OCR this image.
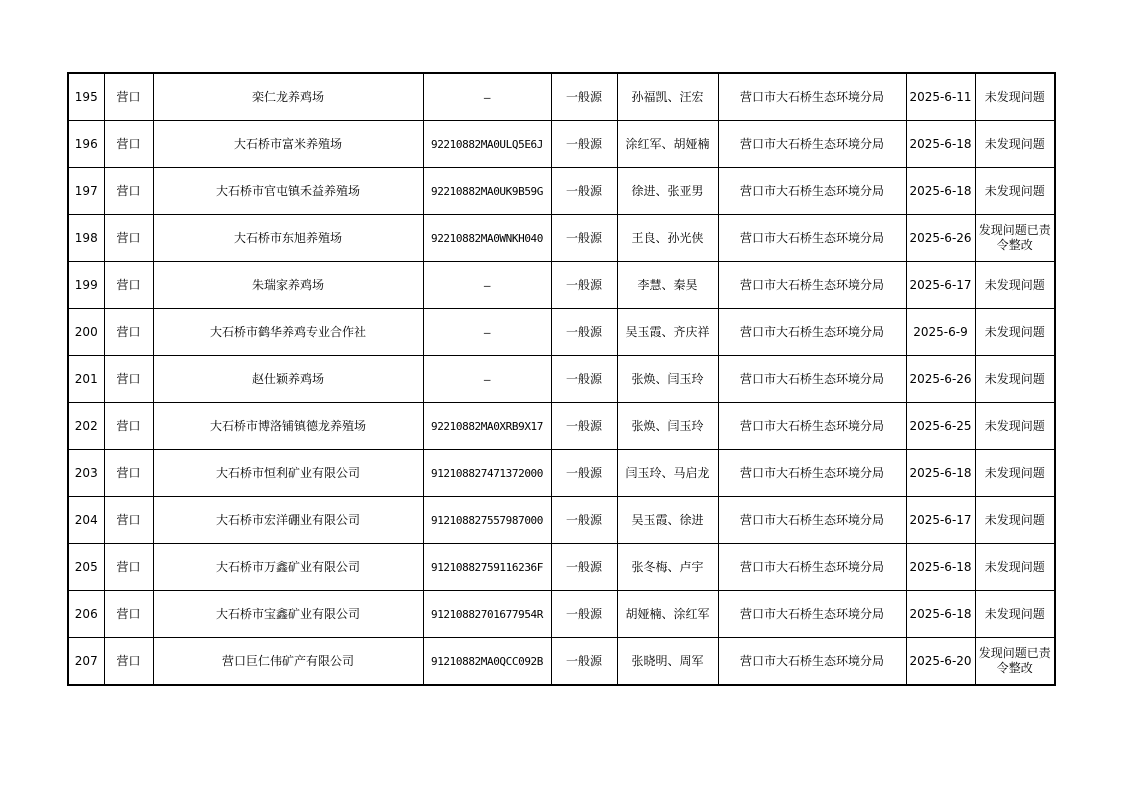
195	营口	栾仁龙养鸡场	—	一般源	孙福凯、汪宏	营口市大石桥生态环境分局	2025-6-11	未发现问题
196	营口	大石桥市富米养殖场	92210882MA0ULQ5E6J	一般源	涂红军、胡娅楠	营口市大石桥生态环境分局	2025-6-18	未发现问题
197	营口	大石桥市官屯镇禾益养殖场	92210882MA0UK9B59G	一般源	徐进、张亚男	营口市大石桥生态环境分局	2025-6-18	未发现问题
198	营口	大石桥市东旭养殖场	92210882MA0WNKH040	一般源	王良、孙光侠	营口市大石桥生态环境分局	2025-6-26	发现问题已责令整改
199	营口	朱瑞家养鸡场	—	一般源	李慧、秦昊	营口市大石桥生态环境分局	2025-6-17	未发现问题
200	营口	大石桥市鹤华养鸡专业合作社	—	一般源	吴玉霞、齐庆祥	营口市大石桥生态环境分局	2025-6-9	未发现问题
201	营口	赵仕颖养鸡场	—	一般源	张焕、闫玉玲	营口市大石桥生态环境分局	2025-6-26	未发现问题
202	营口	大石桥市博洛铺镇德龙养殖场	92210882MA0XRB9X17	一般源	张焕、闫玉玲	营口市大石桥生态环境分局	2025-6-25	未发现问题
203	营口	大石桥市恒利矿业有限公司	912108827471372000	一般源	闫玉玲、马启龙	营口市大石桥生态环境分局	2025-6-18	未发现问题
204	营口	大石桥市宏洋硼业有限公司	912108827557987000	一般源	吴玉霞、徐进	营口市大石桥生态环境分局	2025-6-17	未发现问题
205	营口	大石桥市万鑫矿业有限公司	91210882759116236F	一般源	张冬梅、卢宇	营口市大石桥生态环境分局	2025-6-18	未发现问题
206	营口	大石桥市宝鑫矿业有限公司	91210882701677954R	一般源	胡娅楠、涂红军	营口市大石桥生态环境分局	2025-6-18	未发现问题
207	营口	营口巨仁伟矿产有限公司	91210882MA0QCC092B	一般源	张晓明、周军	营口市大石桥生态环境分局	2025-6-20	发现问题已责令整改
